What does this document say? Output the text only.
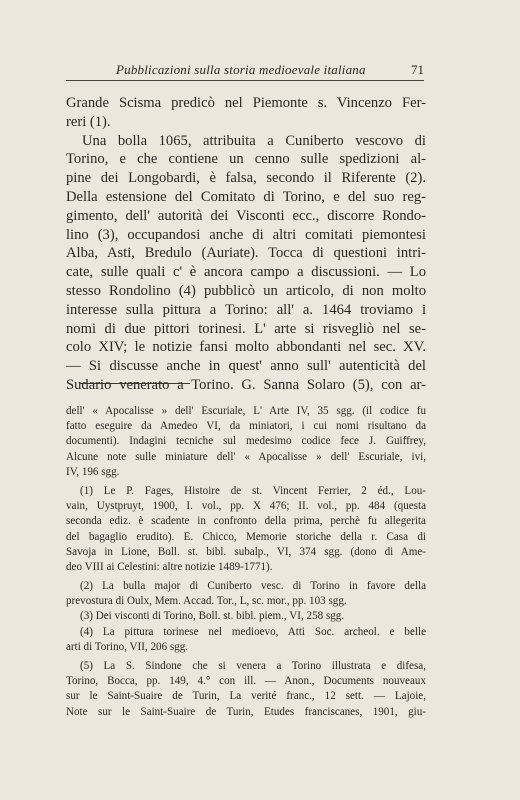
Pubblicazioni sulla storia medioevale italiana	71
Grande Scisma predicò nel Piemonte s. Vincenzo Fer-
reri (1).
Una bolla 1065, attribuita a Cuniberto vescovo di
Torino, e che contiene un cenno sulle spedizioni al-
pine dei Longobardi, è falsa, secondo il Riferente (2).
Della estensione del Comitato di Torino, e del suo reg-
gimento, dell' autorità dei Visconti ecc., discorre Rondo-
lino (3), occupandosi anche di altri comitati piemontesi
Alba, Asti, Bredulo (Auriate). Tocca di questioni intri-
cate, sulle quali c' è ancora campo a discussioni. — Lo
stesso Rondolino (4) pubblicò un articolo, di non molto
interesse sulla pittura a Torino: all' a. 1464 troviamo i
nomi di due pittori torinesi. L' arte si risvegliò nel se-
colo XIV; le notizie fansi molto abbondanti nel sec. XV.
— Si discusse anche in quest' anno sull' autenticità del
Sudario venerato a Torino. G. Sanna Solaro (5), con ar-
dell' « Apocalisse » dell' Escuriale, L' Arte IV, 35 sgg. (il codice fu
fatto eseguire da Amedeo VI, da miniatori, i cui nomi risultano da
documenti). Indagini tecniche sul medesimo codice fece J. Guiffrey,
Alcune note sulle miniature dell' « Apocalisse » dell' Escuriale, ivi,
IV, 196 sgg.
(1) Le P. Fages, Histoire de st. Vincent Ferrier, 2 éd., Lou-
vain, Uystpruyt, 1900, I. vol., pp. X 476; II. vol., pp. 484 (questa
seconda ediz. è scadente in confronto della prima, perchè fu allegerita
del bagaglio erudito). E. Chicco, Memorie storiche della r. Casa di
Savoja in Lione, Boll. st. bibl. subalp., VI, 374 sgg. (dono di Ame-
deo VIII ai Celestini: altre notizie 1489-1771).
(2) La bulla major di Cuniberto vesc. di Torino in favore della
prevostura di Oulx, Mem. Accad. Tor., L, sc. mor., pp. 103 sgg.
(3) Dei visconti di Torino, Boll. st. bibl. piem., VI, 258 sgg.
(4) La pittura torinese nel medioevo, Atti Soc. archeol. e belle
arti di Torino, VII, 206 sgg.
(5) La S. Sindone che si venera a Torino illustrata e difesa,
Torino, Bocca, pp. 149, 4.° con ill. — Anon., Documents nouveaux
sur le Saint-Suaire de Turin, La verité franc., 12 sett. — Lajoie,
Note sur le Saint-Suaire de Turin, Etudes franciscanes, 1901, giu-
